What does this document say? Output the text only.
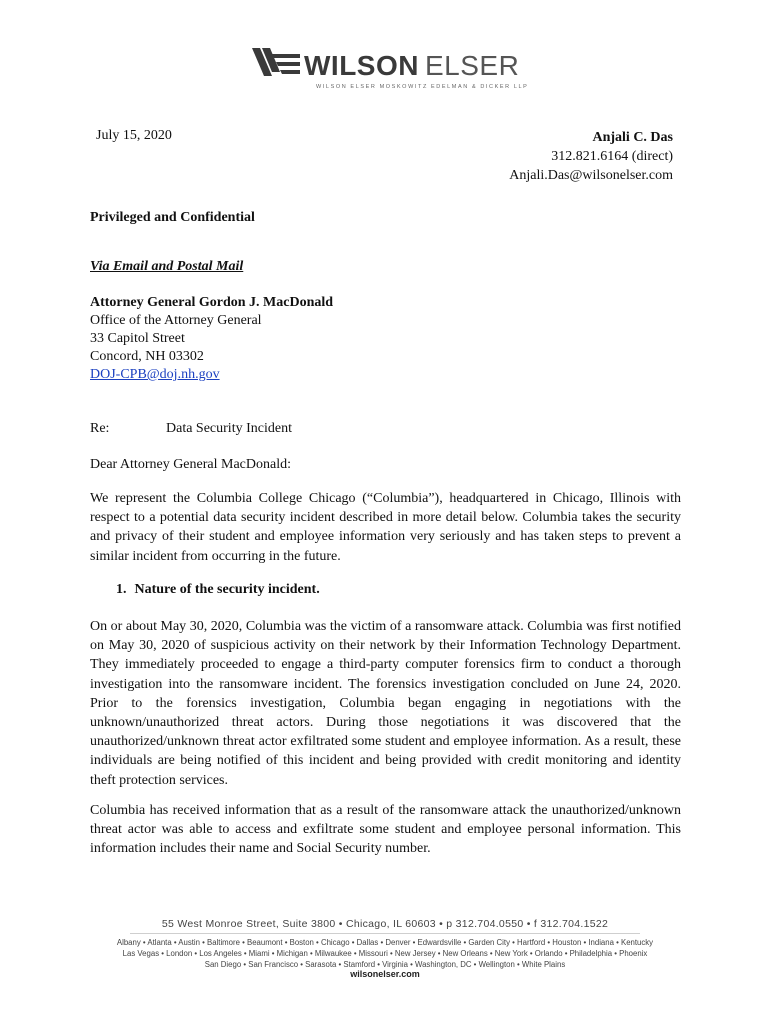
WILSON ELSER
WILSON ELSER MOSKOWITZ EDELMAN & DICKER LLP
July 15, 2020	Anjali C. Das
312.821.6164 (direct)
Anjali.Das@wilsonelser.com
Privileged and Confidential
Via Email and Postal Mail
Attorney General Gordon J. MacDonald
Office of the Attorney General
33 Capitol Street
Concord, NH 03302
DOJ-CPB@doj.nh.gov
Re:	Data Security Incident
Dear Attorney General MacDonald:

We represent the Columbia College Chicago (“Columbia”), headquartered in Chicago, Illinois with respect to a potential data security incident described in more detail below. Columbia takes the security and privacy of their student and employee information very seriously and has taken steps to prevent a similar incident from occurring in the future.

1. Nature of the security incident.

On or about May 30, 2020, Columbia was the victim of a ransomware attack. Columbia was first notified on May 30, 2020 of suspicious activity on their network by their Information Technology Department. They immediately proceeded to engage a third-party computer forensics firm to conduct a thorough investigation into the ransomware incident. The forensics investigation concluded on June 24, 2020. Prior to the forensics investigation, Columbia began engaging in negotiations with the unknown/unauthorized threat actors. During those negotiations it was discovered that the unauthorized/unknown threat actor exfiltrated some student and employee information. As a result, these individuals are being notified of this incident and being provided with credit monitoring and identity theft protection services.

Columbia has received information that as a result of the ransomware attack the unauthorized/unknown threat actor was able to access and exfiltrate some student and employee personal information. This information includes their name and Social Security number.

55 West Monroe Street, Suite 3800 • Chicago, IL 60603 • p 312.704.0550 • f 312.704.1522
Albany • Atlanta • Austin • Baltimore • Beaumont • Boston • Chicago • Dallas • Denver • Edwardsville • Garden City • Hartford • Houston • Indiana • Kentucky
Las Vegas • London • Los Angeles • Miami • Michigan • Milwaukee • Missouri • New Jersey • New Orleans • New York • Orlando • Philadelphia • Phoenix
San Diego • San Francisco • Sarasota • Stamford • Virginia • Washington, DC • Wellington • White Plains
wilsonelser.com
